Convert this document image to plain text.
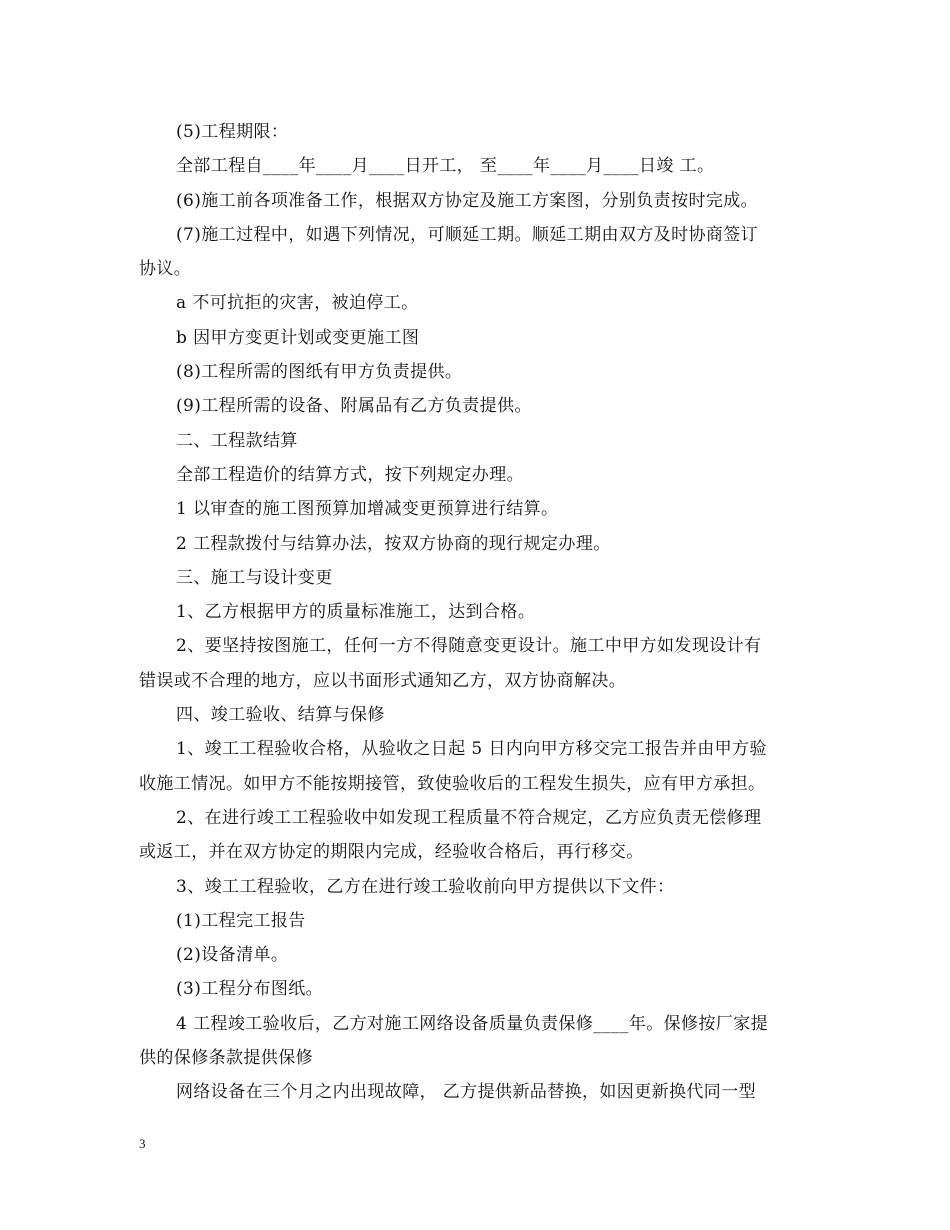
(5)工程期限：
全部工程自____年____月____日开工， 至____年____月____日竣 工。
(6)施工前各项准备工作，根据双方协定及施工方案图，分别负责按时完成。
(7)施工过程中，如遇下列情况，可顺延工期。顺延工期由双方及时协商签订
协议。
a 不可抗拒的灾害，被迫停工。
b 因甲方变更计划或变更施工图
(8)工程所需的图纸有甲方负责提供。
(9)工程所需的设备、附属品有乙方负责提供。
二、工程款结算
全部工程造价的结算方式，按下列规定办理。
1 以审查的施工图预算加增减变更预算进行结算。
2 工程款拨付与结算办法，按双方协商的现行规定办理。
三、施工与设计变更
1、乙方根据甲方的质量标准施工，达到合格。
2、要坚持按图施工，任何一方不得随意变更设计。施工中甲方如发现设计有
错误或不合理的地方，应以书面形式通知乙方，双方协商解决。
四、竣工验收、结算与保修
1、竣工工程验收合格，从验收之日起 5 日内向甲方移交完工报告并由甲方验
收施工情况。如甲方不能按期接管，致使验收后的工程发生损失，应有甲方承担。
2、在进行竣工工程验收中如发现工程质量不符合规定，乙方应负责无偿修理
或返工，并在双方协定的期限内完成，经验收合格后，再行移交。
3、竣工工程验收，乙方在进行竣工验收前向甲方提供以下文件：
(1)工程完工报告
(2)设备清单。
(3)工程分布图纸。
4 工程竣工验收后，乙方对施工网络设备质量负责保修____年。保修按厂家提
供的保修条款提供保修
网络设备在三个月之内出现故障， 乙方提供新品替换，如因更新换代同一型
3
